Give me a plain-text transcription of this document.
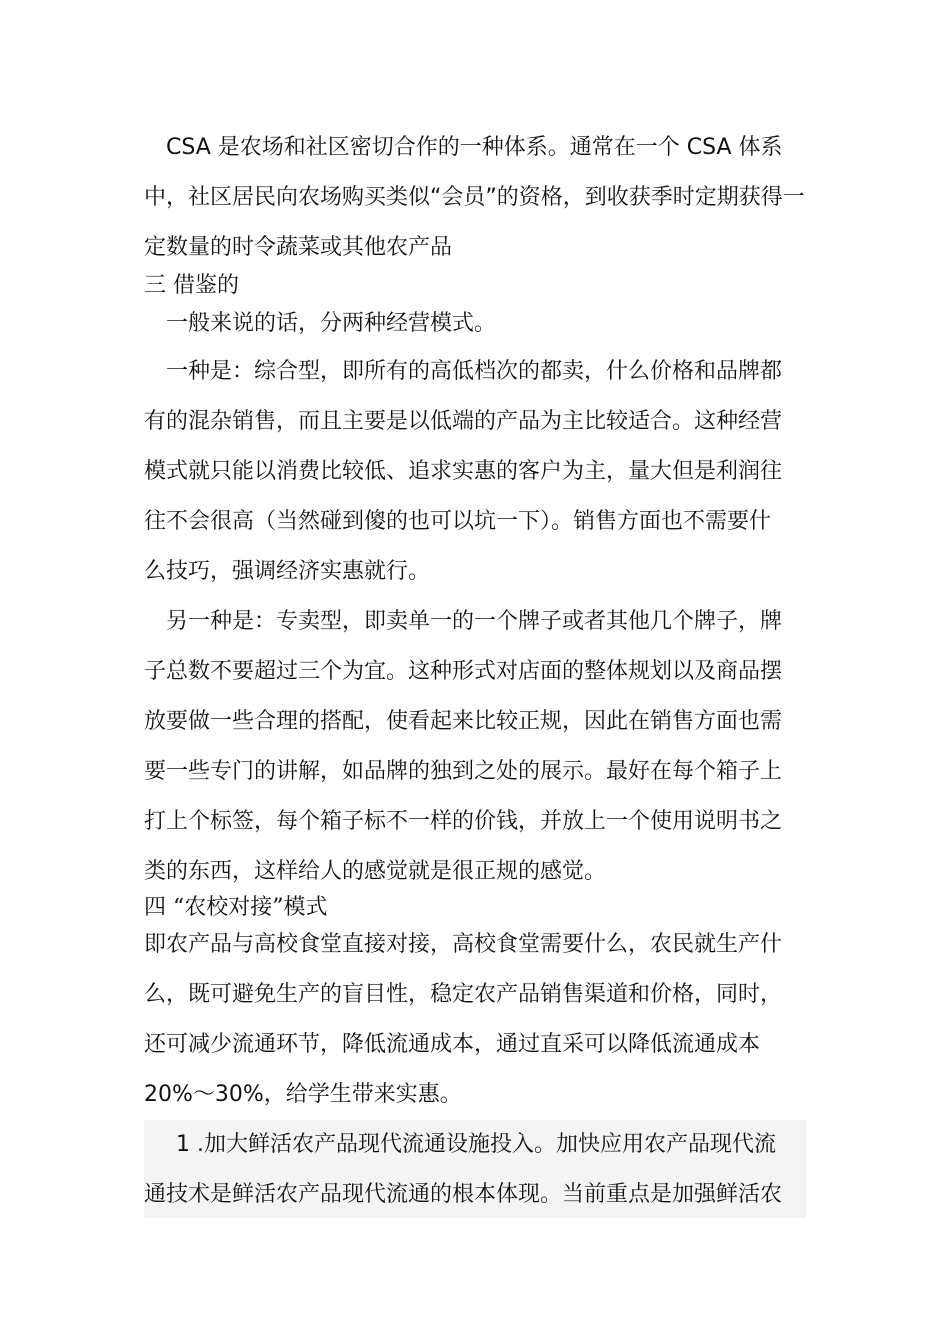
CSA 是农场和社区密切合作的一种体系。通常在一个 CSA 体系

中，社区居民向农场购买类似“会员”的资格，到收获季时定期获得一

定数量的时令蔬菜或其他农产品

三 借鉴的

一般来说的话，分两种经营模式。

一种是：综合型，即所有的高低档次的都卖，什么价格和品牌都

有的混杂销售，而且主要是以低端的产品为主比较适合。这种经营

模式就只能以消费比较低、追求实惠的客户为主，量大但是利润往

往不会很高（当然碰到傻的也可以坑一下）。销售方面也不需要什

么技巧，强调经济实惠就行。

另一种是：专卖型，即卖单一的一个牌子或者其他几个牌子，牌

子总数不要超过三个为宜。这种形式对店面的整体规划以及商品摆

放要做一些合理的搭配，使看起来比较正规，因此在销售方面也需

要一些专门的讲解，如品牌的独到之处的展示。最好在每个箱子上

打上个标签，每个箱子标不一样的价钱，并放上一个使用说明书之

类的东西，这样给人的感觉就是很正规的感觉。

四 “农校对接”模式

即农产品与高校食堂直接对接，高校食堂需要什么，农民就生产什

么，既可避免生产的盲目性，稳定农产品销售渠道和价格，同时，

还可减少流通环节，降低流通成本，通过直采可以降低流通成本

20%～30%，给学生带来实惠。

1 .加大鲜活农产品现代流通设施投入。加快应用农产品现代流

通技术是鲜活农产品现代流通的根本体现。当前重点是加强鲜活农
